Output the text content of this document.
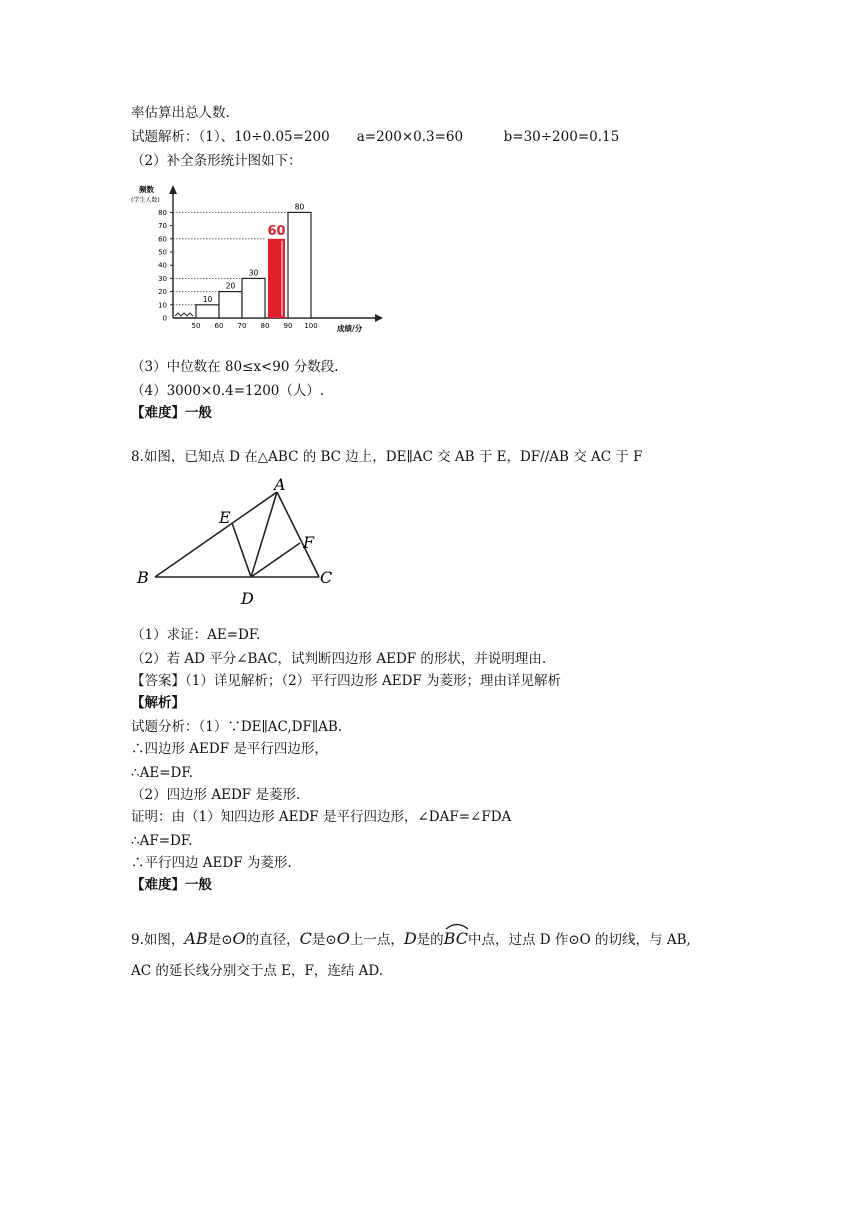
率估算出总人数.
试题解析：（1）、10÷0.05=200　　a=200×0.3=60　　　b=30÷200=0.15
（2）补全条形统计图如下：
频数
(学生人数)
0
10
20
30
40
50
60
70
80
50 60 70 80 90 100	成绩/分
10
20
30
60
80
（3）中位数在 80≤x<90 分数段.
（4）3000×0.4=1200（人）.
【难度】一般
8.如图，已知点 D 在△ABC 的 BC 边上，DE∥AC 交 AB 于 E，DF//AB 交 AC 于 F
A
B	C
D
E
F
（1）求证：AE=DF.
（2）若 AD 平分∠BAC，试判断四边形 AEDF 的形状，并说明理由.
【答案】（1）详见解析；（2）平行四边形 AEDF 为菱形；理由详见解析
【解析】
试题分析：（1）∵DE∥AC,DF∥AB.
∴四边形 AEDF 是平行四边形，
∴AE=DF.
（2）四边形 AEDF 是菱形.
证明：由（1）知四边形 AEDF 是平行四边形，∠DAF=∠FDA
∴AF=DF.
∴平行四边 AEDF 为菱形.
【难度】一般
9.如图，AB是⊙O的直径，C是⊙O上一点，D是的
BC中点，过点 D 作⊙O 的切线，与 AB,
AC 的延长线分别交于点 E，F，连结 AD.
